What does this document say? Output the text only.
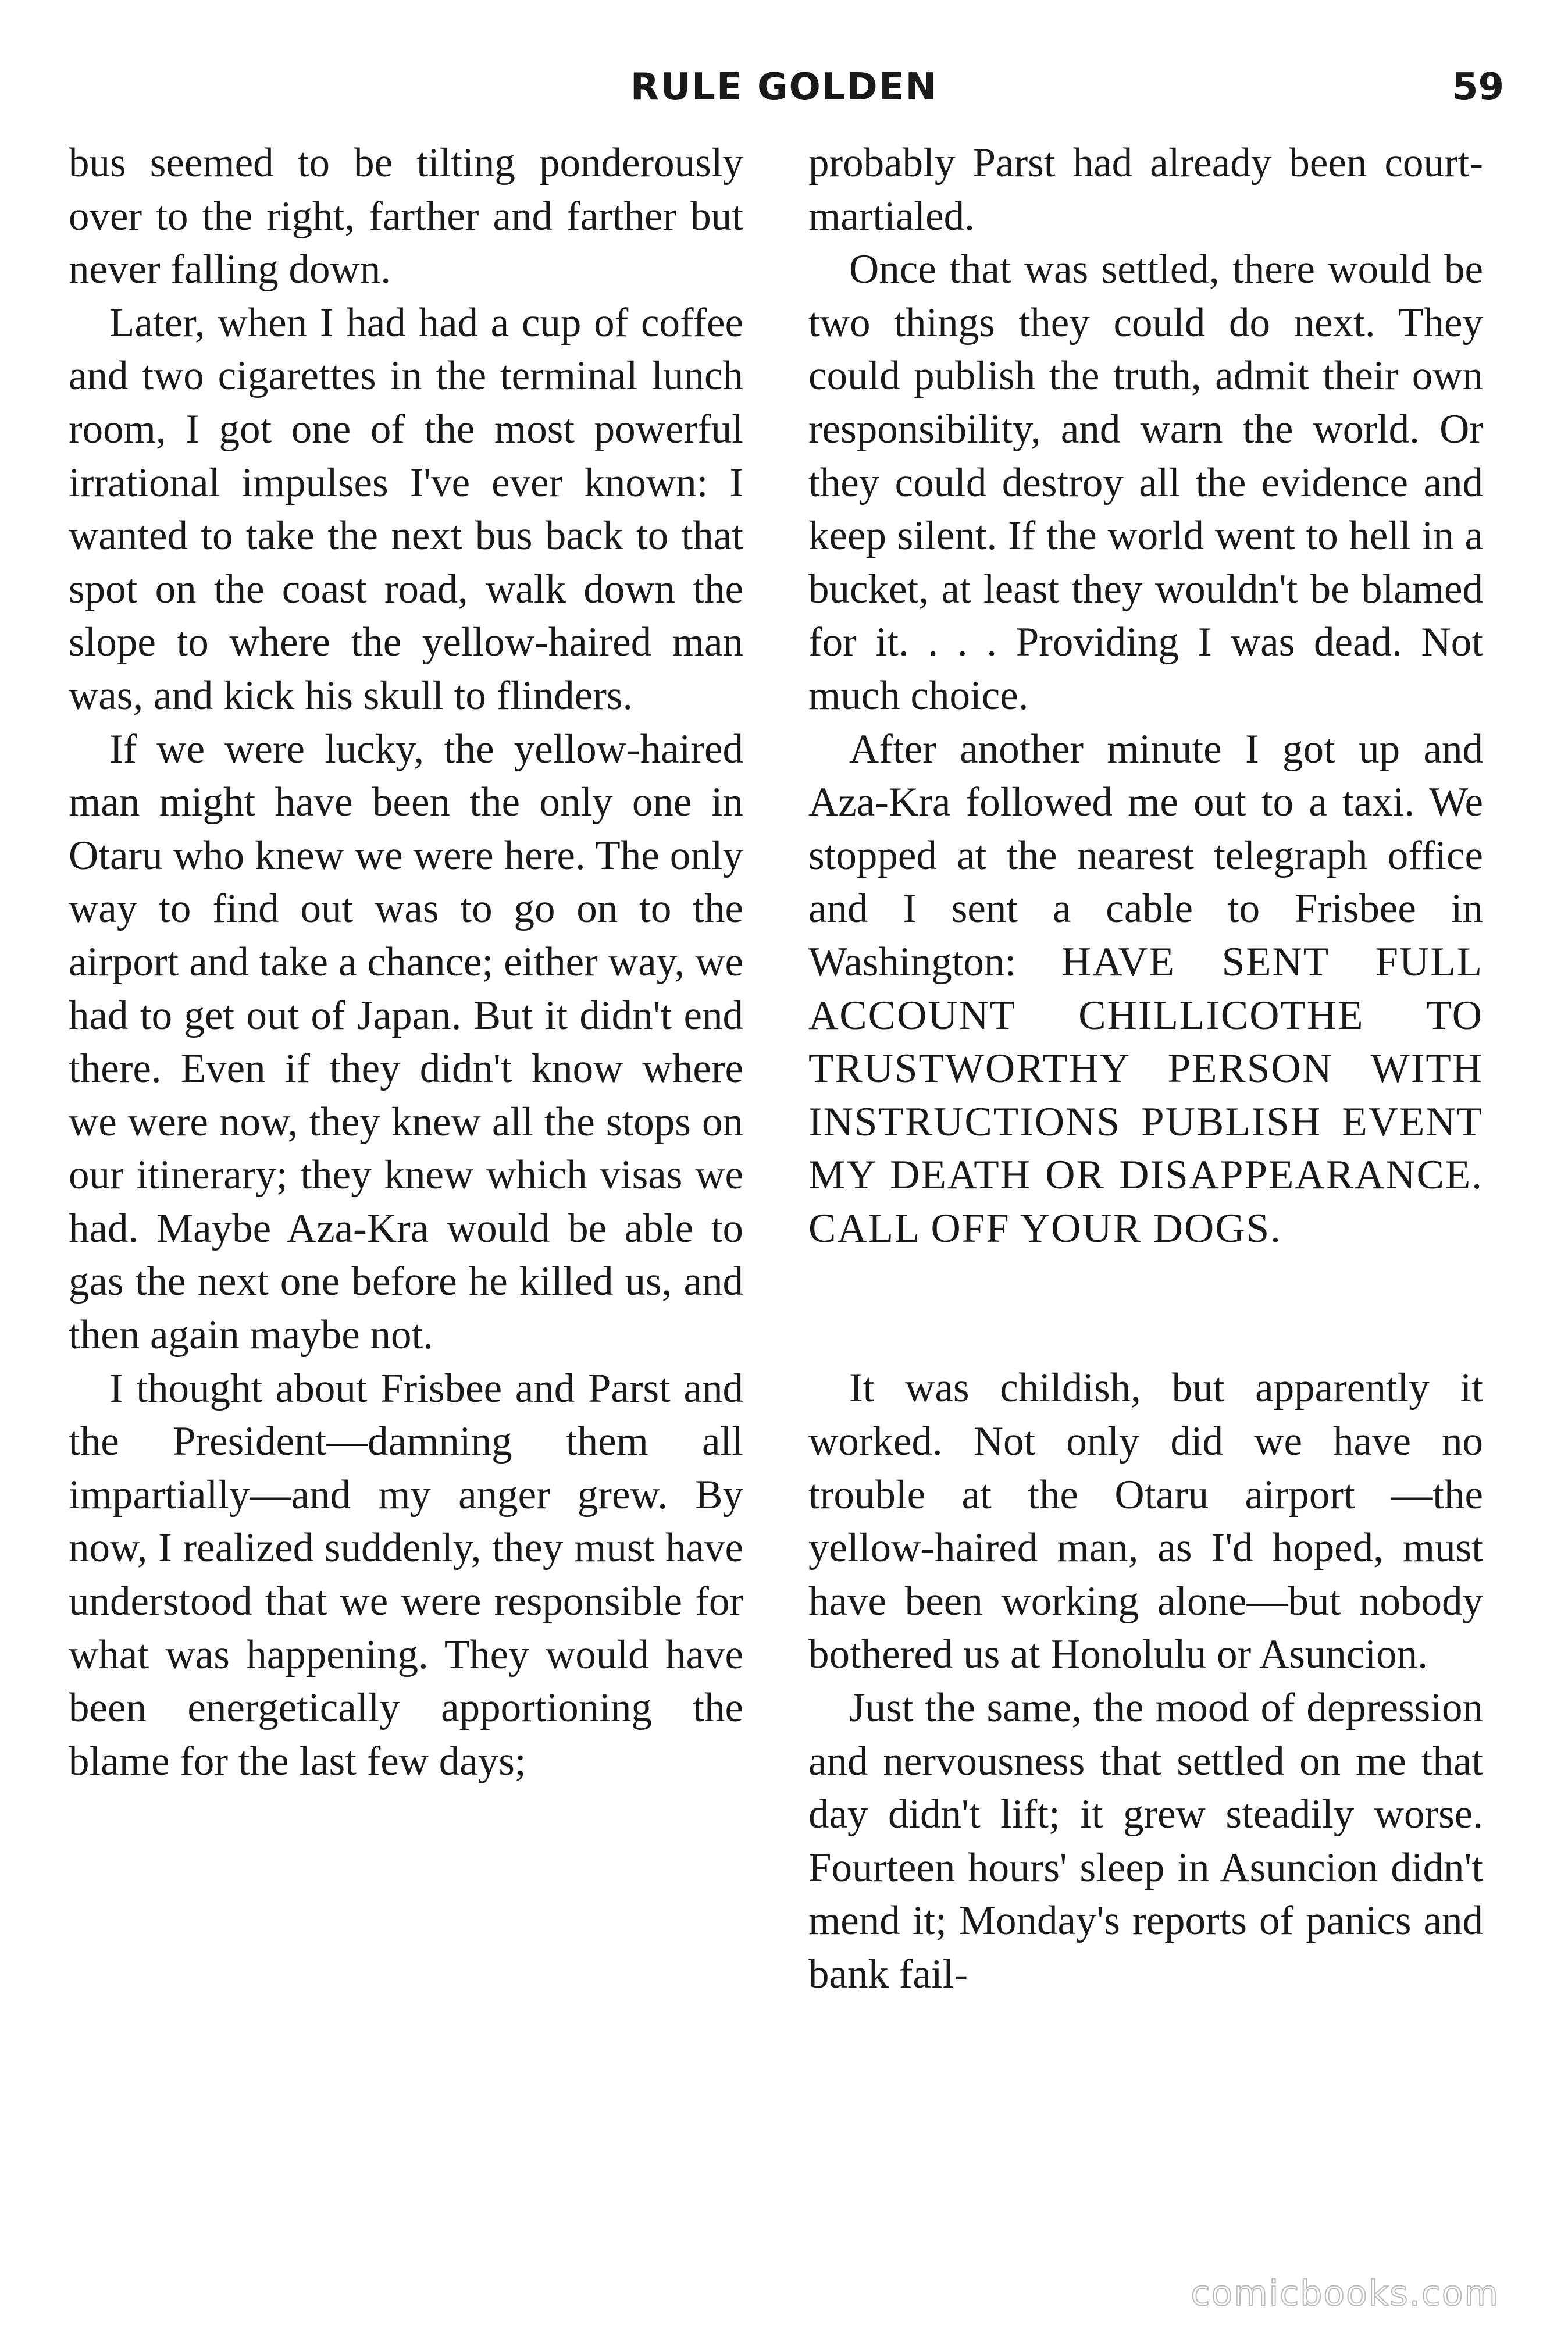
RULE GOLDEN	59

bus seemed to be tilting ponderously over to the right, farther and farther but never falling down.

Later, when I had had a cup of coffee and two cigarettes in the terminal lunch room, I got one of the most powerful irrational impulses I've ever known: I wanted to take the next bus back to that spot on the coast road, walk down the slope to where the yellow-haired man was, and kick his skull to flinders.

If we were lucky, the yellow-haired man might have been the only one in Otaru who knew we were here. The only way to find out was to go on to the airport and take a chance; either way, we had to get out of Japan. But it didn't end there. Even if they didn't know where we were now, they knew all the stops on our itinerary; they knew which visas we had. Maybe Aza-Kra would be able to gas the next one before he killed us, and then again maybe not.

I thought about Frisbee and Parst and the President—damning them all impartially—and my anger grew. By now, I realized suddenly, they must have understood that we were responsible for what was happening. They would have been energetically apportioning the blame for the last few days;

probably Parst had already been court-martialed.

Once that was settled, there would be two things they could do next. They could publish the truth, admit their own responsibility, and warn the world. Or they could destroy all the evidence and keep silent. If the world went to hell in a bucket, at least they wouldn't be blamed for it. . . . Providing I was dead. Not much choice.

After another minute I got up and Aza-Kra followed me out to a taxi. We stopped at the nearest telegraph office and I sent a cable to Frisbee in Washington: HAVE SENT FULL ACCOUNT CHILLICOTHE TO TRUSTWORTHY PERSON WITH INSTRUCTIONS PUBLISH EVENT MY DEATH OR DISAPPEARANCE. CALL OFF YOUR DOGS.

It was childish, but apparently it worked. Not only did we have no trouble at the Otaru airport —the yellow-haired man, as I'd hoped, must have been working alone—but nobody bothered us at Honolulu or Asuncion.

Just the same, the mood of depression and nervousness that settled on me that day didn't lift; it grew steadily worse. Fourteen hours' sleep in Asuncion didn't mend it; Monday's reports of panics and bank fail-

comicbooks.com
